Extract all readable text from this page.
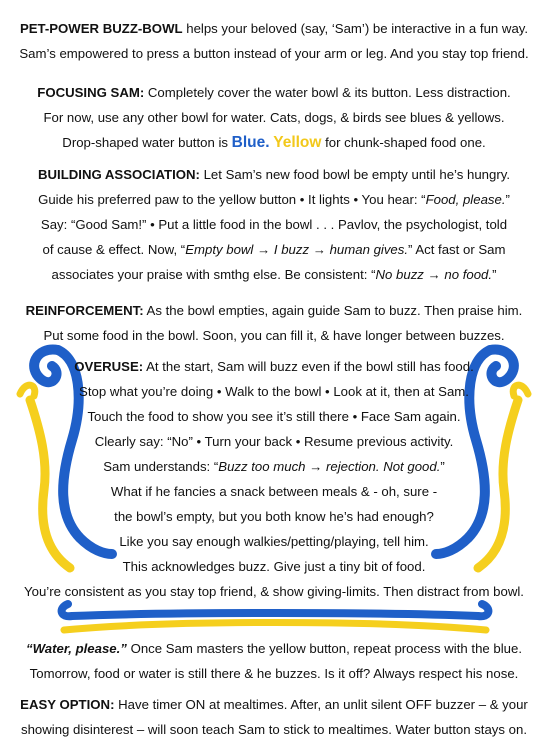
PET-POWER BUZZ-BOWL helps your beloved (say, ‘Sam’) be interactive in a fun way.
Sam’s empowered to press a button instead of your arm or leg. And you stay top friend.
FOCUSING SAM: Completely cover the water bowl & its button. Less distraction.
For now, use any other bowl for water. Cats, dogs, & birds see blues & yellows.
Drop-shaped water button is Blue. Yellow for chunk-shaped food one.
BUILDING ASSOCIATION: Let Sam’s new food bowl be empty until he’s hungry.
Guide his preferred paw to the yellow button • It lights • You hear: “Food, please.”
Say: “Good Sam!” • Put a little food in the bowl . . . Pavlov, the psychologist, told
of cause & effect. Now, “Empty bowl → I buzz → human gives.” Act fast or Sam
associates your praise with smthg else. Be consistent: “No buzz → no food.”
REINFORCEMENT: As the bowl empties, again guide Sam to buzz. Then praise him.
Put some food in the bowl. Soon, you can fill it, & have longer between buzzes.
OVERUSE: At the start, Sam will buzz even if the bowl still has food.
Stop what you’re doing • Walk to the bowl • Look at it, then at Sam.
Touch the food to show you see it’s still there • Face Sam again.
Clearly say: “No” • Turn your back • Resume previous activity.
Sam understands: “Buzz too much → rejection. Not good.”
What if he fancies a snack between meals & - oh, sure -
the bowl’s empty, but you both know he’s had enough?
Like you say enough walkies/petting/playing, tell him.
This acknowledges buzz. Give just a tiny bit of food.
You’re consistent as you stay top friend, & show giving-limits. Then distract from bowl.
“Water, please.” Once Sam masters the yellow button, repeat process with the blue.
Tomorrow, food or water is still there & he buzzes. Is it off? Always respect his nose.
EASY OPTION: Have timer ON at mealtimes. After, an unlit silent OFF buzzer – & your
showing disinterest – will soon teach Sam to stick to mealtimes. Water button stays on.
